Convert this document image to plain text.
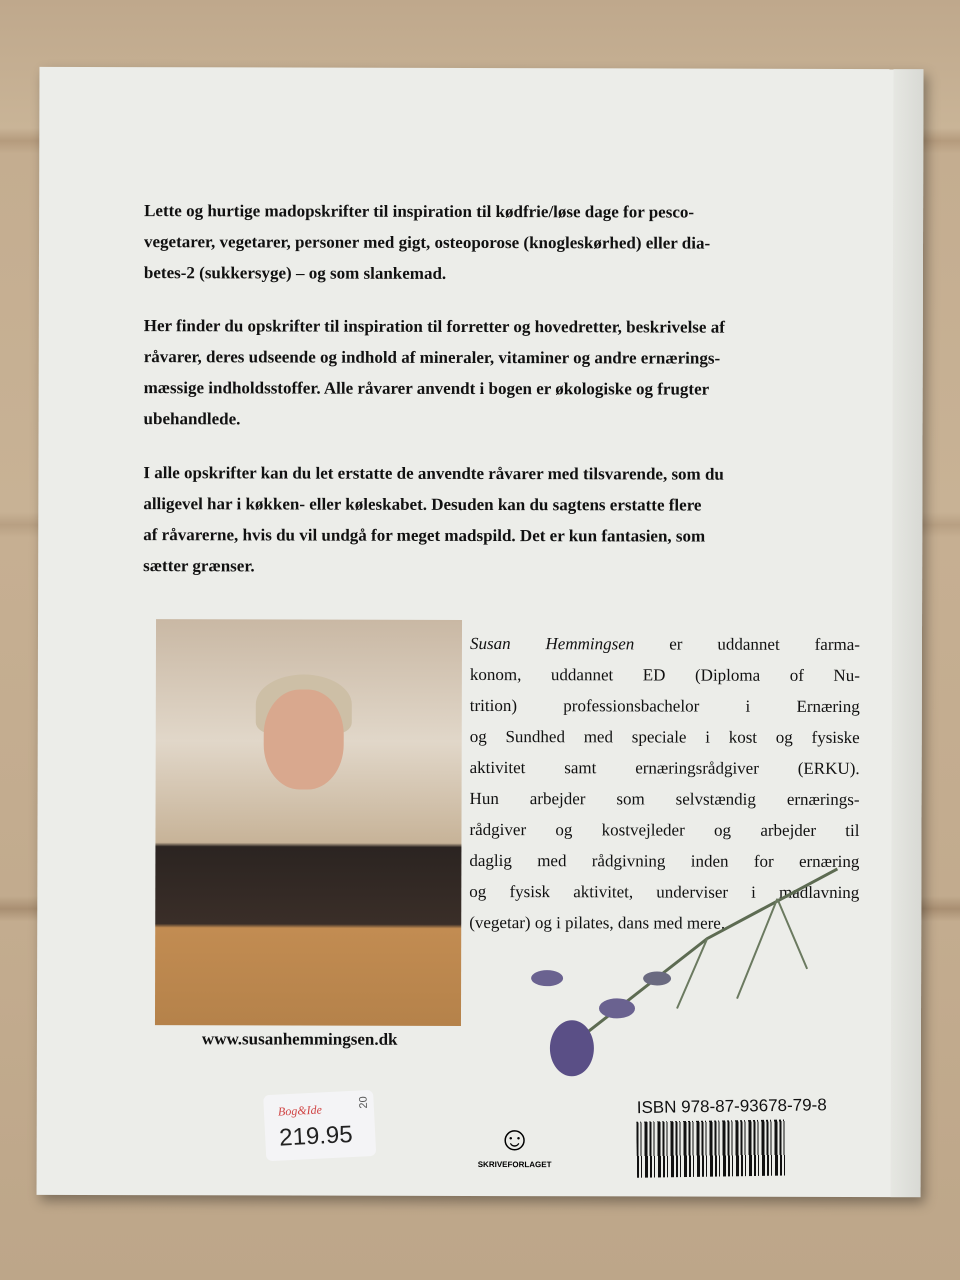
Lette og hurtige madopskrifter til inspiration til kødfrie/løse dage for pesco-
vegetarer, vegetarer, personer med gigt, osteoporose (knogleskørhed) eller dia-
betes-2 (sukkersyge) – og som slankemad.
Her finder du opskrifter til inspiration til forretter og hovedretter, beskrivelse af
råvarer, deres udseende og indhold af mineraler, vitaminer og andre ernærings-
mæssige indholdsstoffer. Alle råvarer anvendt i bogen er økologiske og frugter
ubehandlede.
I alle opskrifter kan du let erstatte de anvendte råvarer med tilsvarende, som du
alligevel har i køkken- eller køleskabet. Desuden kan du sagtens erstatte flere
af råvarerne, hvis du vil undgå for meget madspild. Det er kun fantasien, som
sætter grænser.
www.susanhemmingsen.dk
Susan Hemmingsen er uddannet farma-
konom, uddannet ED (Diploma of Nu-
trition) professionsbachelor i Ernæring
og Sundhed med speciale i kost og fysiske
aktivitet samt ernæringsrådgiver (ERKU).
Hun arbejder som selvstændig ernærings-
rådgiver og kostvejleder og arbejder til
daglig med rådgivning inden for ernæring
og fysisk aktivitet, underviser i madlavning
(vegetar) og i pilates, dans med mere.
Bog&Ide
20
219.95	☺
SKRIVEFORLAGET
ISBN 978-87-93678-79-8
